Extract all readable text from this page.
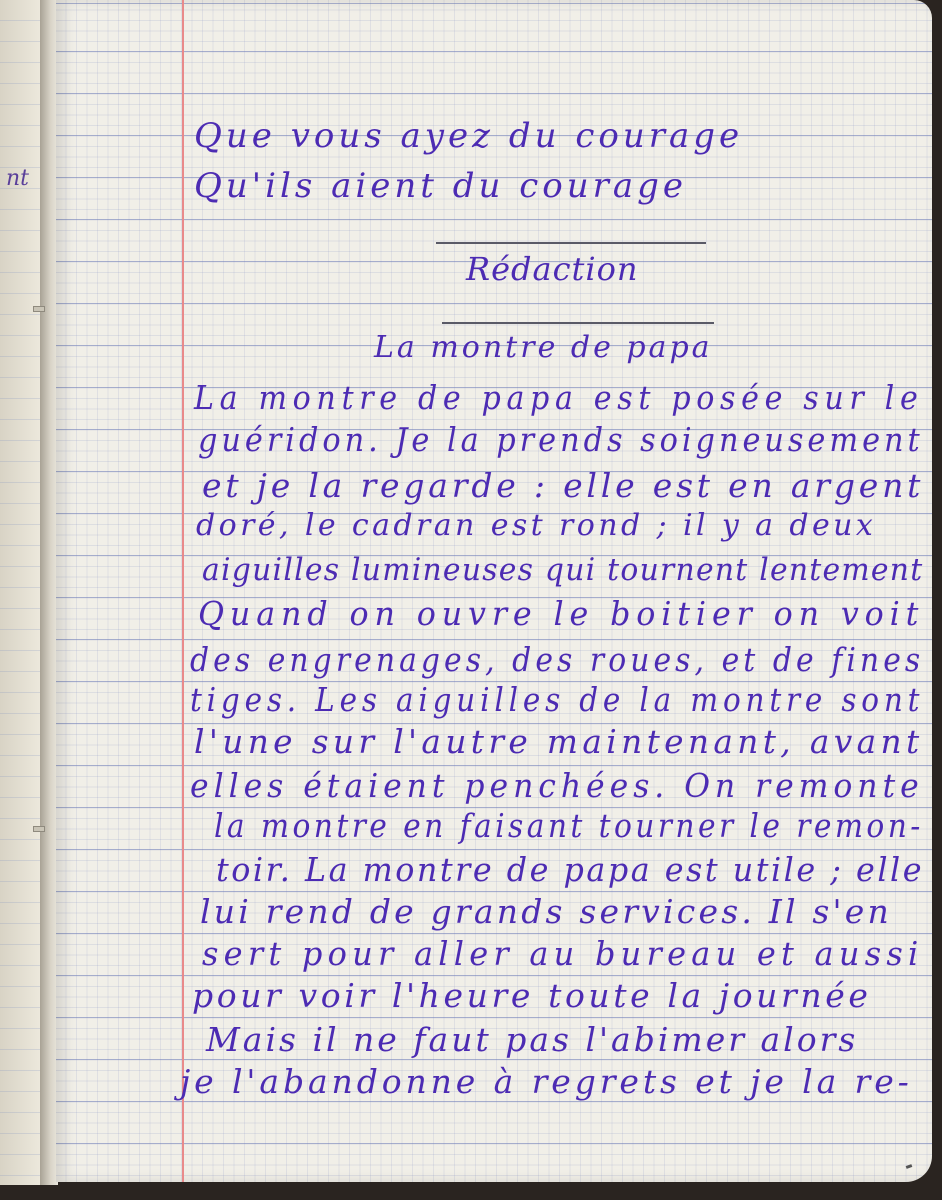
nt
Que vous ayez du courage
Qu'ils aient du courage
Rédaction
La montre de papa
La montre de papa est posée sur le
guéridon. Je la prends soigneusement
et je la regarde : elle est en argent
doré, le cadran est rond ; il y a deux
aiguilles lumineuses qui tournent lentement
Quand on ouvre le boitier on voit
des engrenages, des roues, et de fines
tiges. Les aiguilles de la montre sont
l'une sur l'autre maintenant, avant
elles étaient penchées. On remonte
la montre en faisant tourner le remon-
toir. La montre de papa est utile ; elle
lui rend de grands services. Il s'en
sert pour aller au bureau et aussi
pour voir l'heure toute la journée
Mais il ne faut pas l'abimer alors
je l'abandonne à regrets et je la re-
